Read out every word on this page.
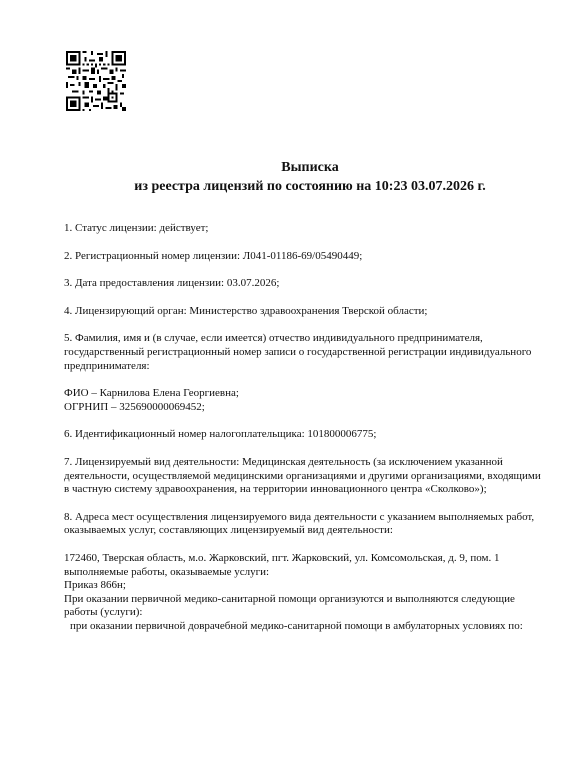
Выписка
из реестра лицензий по состоянию на 10:23 03.07.2026 г.

1. Статус лицензии: действует;

2. Регистрационный номер лицензии: Л041-01186-69/05490449;

3. Дата предоставления лицензии: 03.07.2026;

4. Лицензирующий орган: Министерство здравоохранения Тверской области;

5. Фамилия, имя и (в случае, если имеется) отчество индивидуального предпринимателя, государственный регистрационный номер записи о государственной регистрации индивидуального предпринимателя:

ФИО – Карнилова Елена Георгиевна;

ОГРНИП – 325690000069452;

6. Идентификационный номер налогоплательщика: 101800006775;

7. Лицензируемый вид деятельности: Медицинская деятельность (за исключением указанной деятельности, осуществляемой медицинскими организациями и другими организациями, входящими в частную систему здравоохранения, на территории инновационного центра «Сколково»);

8. Адреса мест осуществления лицензируемого вида деятельности с указанием выполняемых работ, оказываемых услуг, составляющих лицензируемый вид деятельности:

172460, Тверская область, м.о. Жарковский, пгт. Жарковский, ул. Комсомольская, д. 9, пом. 1

выполняемые работы, оказываемые услуги:

Приказ 866н;

При оказании первичной медико-санитарной помощи организуются и выполняются следующие работы (услуги):

при оказании первичной доврачебной медико-санитарной помощи в амбулаторных условиях по:
